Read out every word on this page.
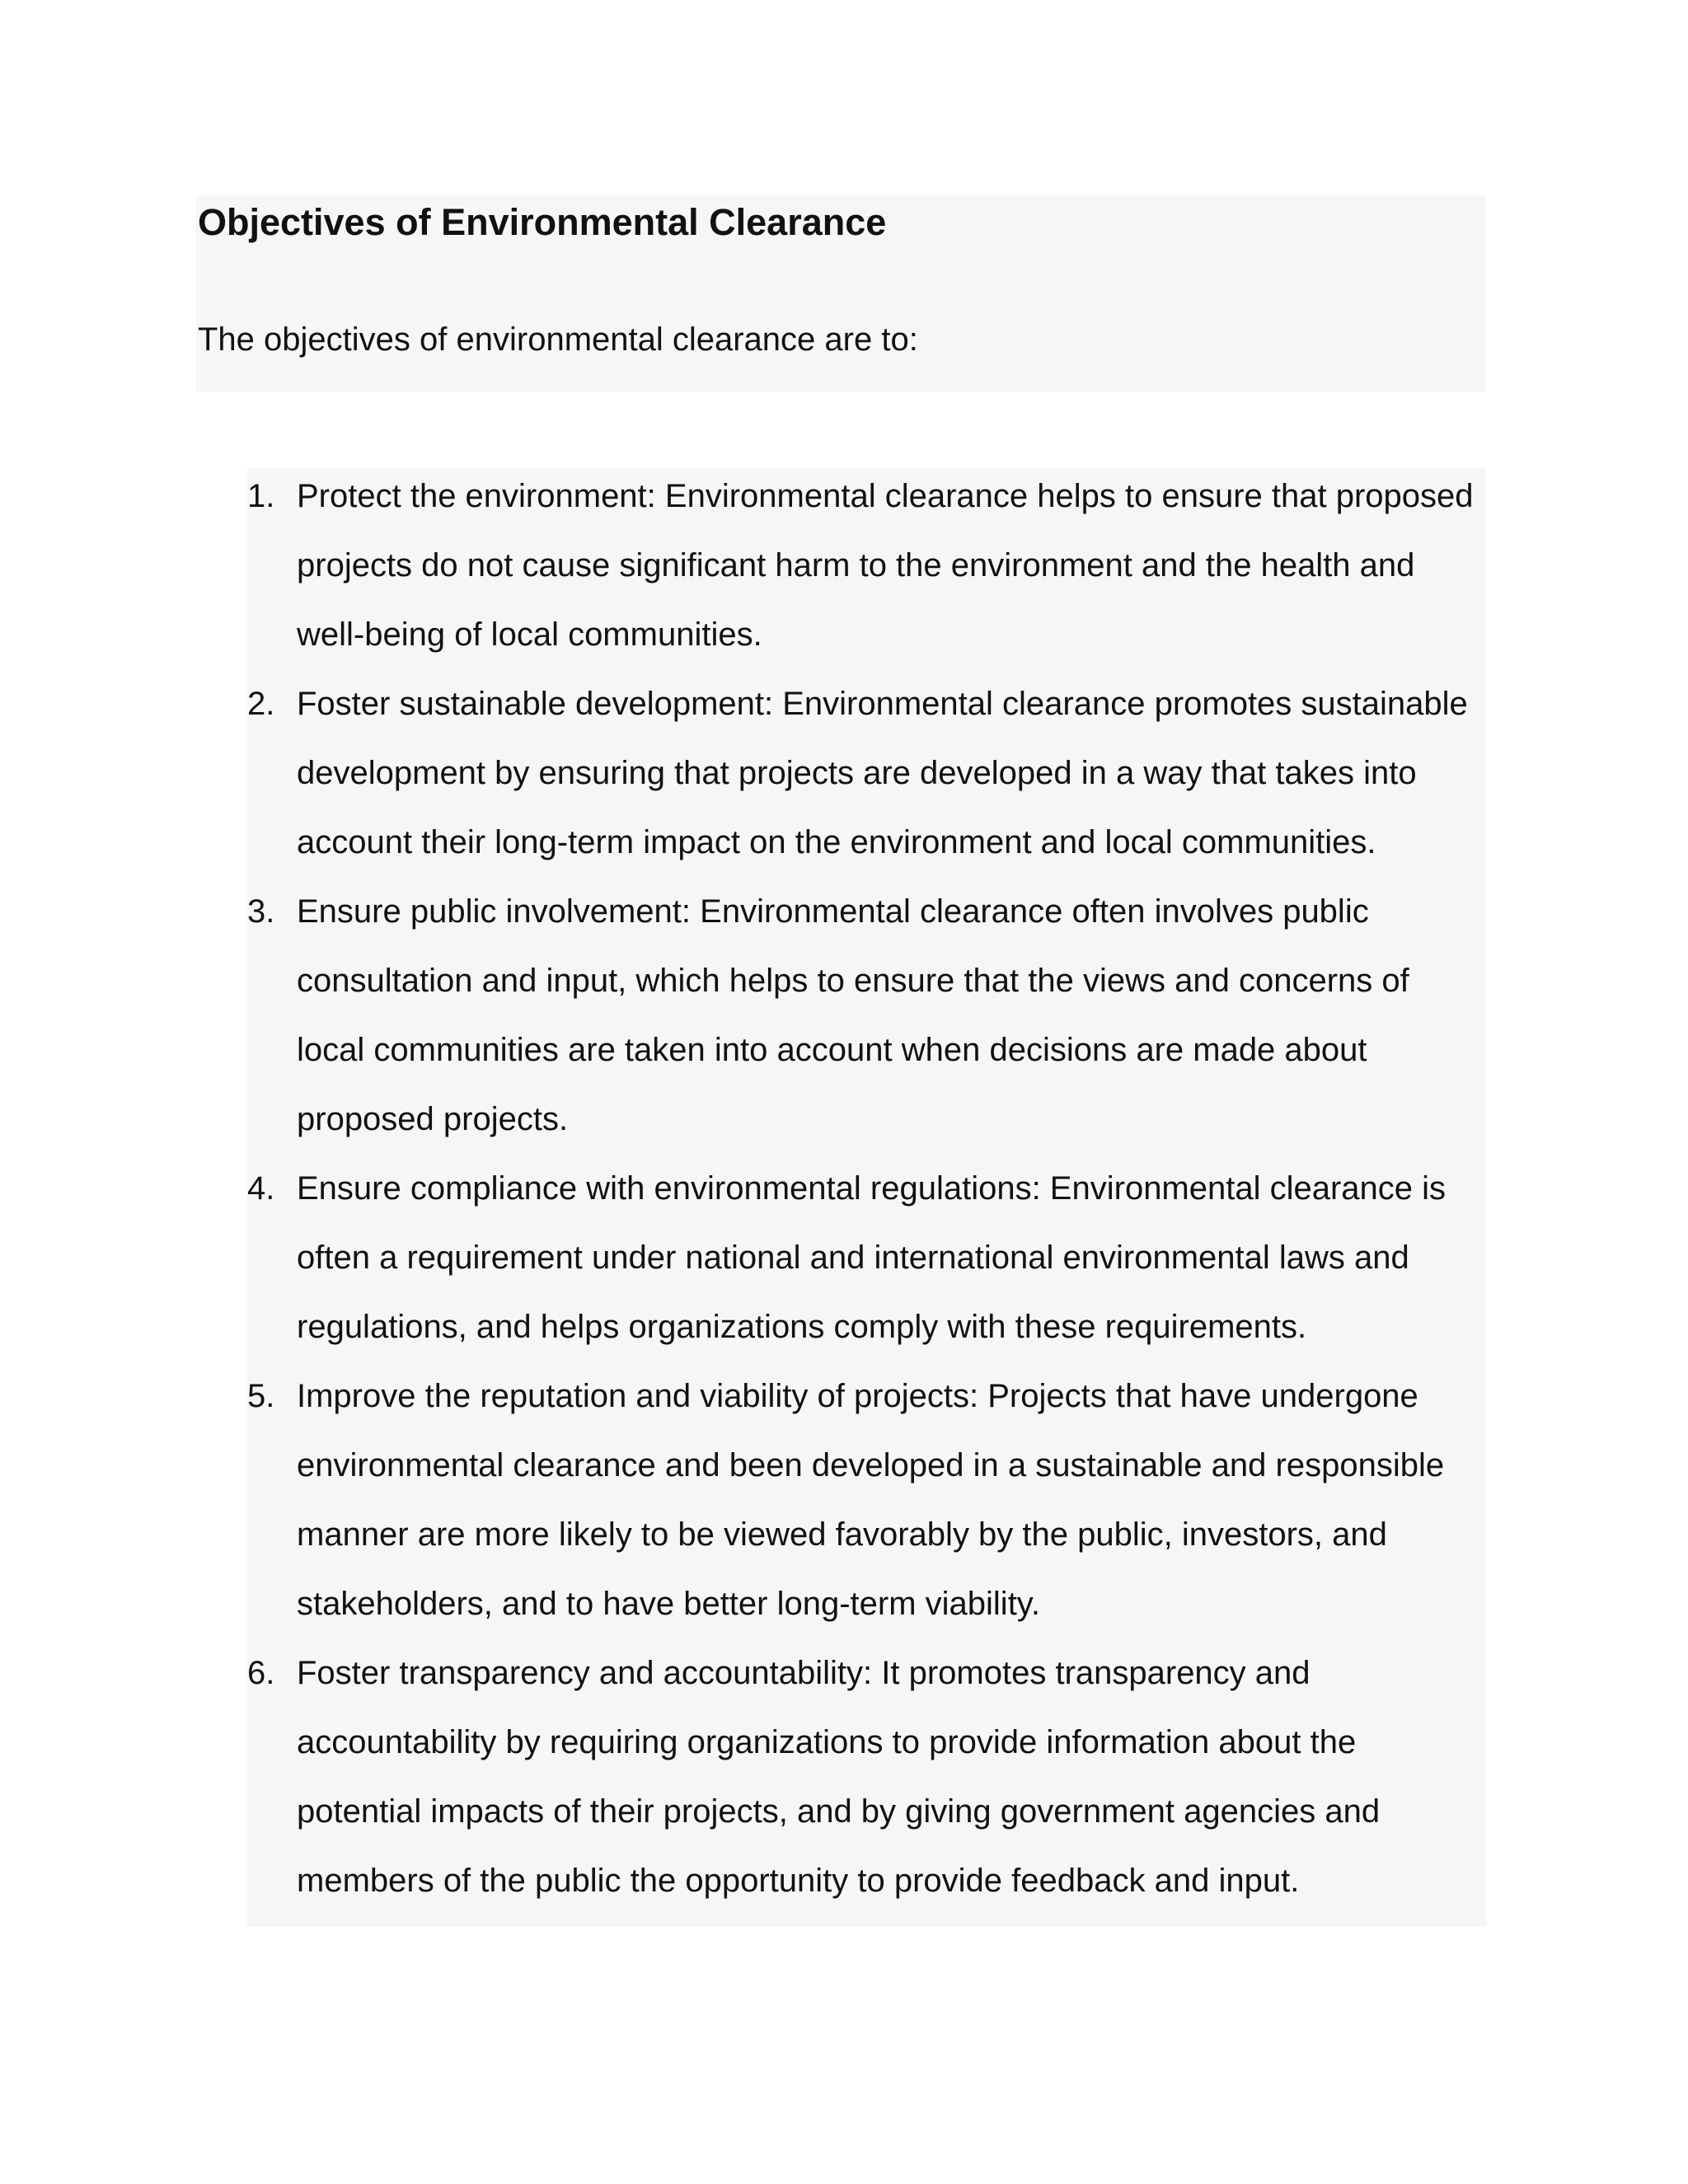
Objectives of Environmental Clearance

The objectives of environmental clearance are to:

1. Protect the environment: Environmental clearance helps to ensure that proposed
projects do not cause significant harm to the environment and the health and
well-being of local communities.
2. Foster sustainable development: Environmental clearance promotes sustainable
development by ensuring that projects are developed in a way that takes into
account their long-term impact on the environment and local communities.
3. Ensure public involvement: Environmental clearance often involves public
consultation and input, which helps to ensure that the views and concerns of
local communities are taken into account when decisions are made about
proposed projects.
4. Ensure compliance with environmental regulations: Environmental clearance is
often a requirement under national and international environmental laws and
regulations, and helps organizations comply with these requirements.
5. Improve the reputation and viability of projects: Projects that have undergone
environmental clearance and been developed in a sustainable and responsible
manner are more likely to be viewed favorably by the public, investors, and
stakeholders, and to have better long-term viability.
6. Foster transparency and accountability: It promotes transparency and
accountability by requiring organizations to provide information about the
potential impacts of their projects, and by giving government agencies and
members of the public the opportunity to provide feedback and input.
